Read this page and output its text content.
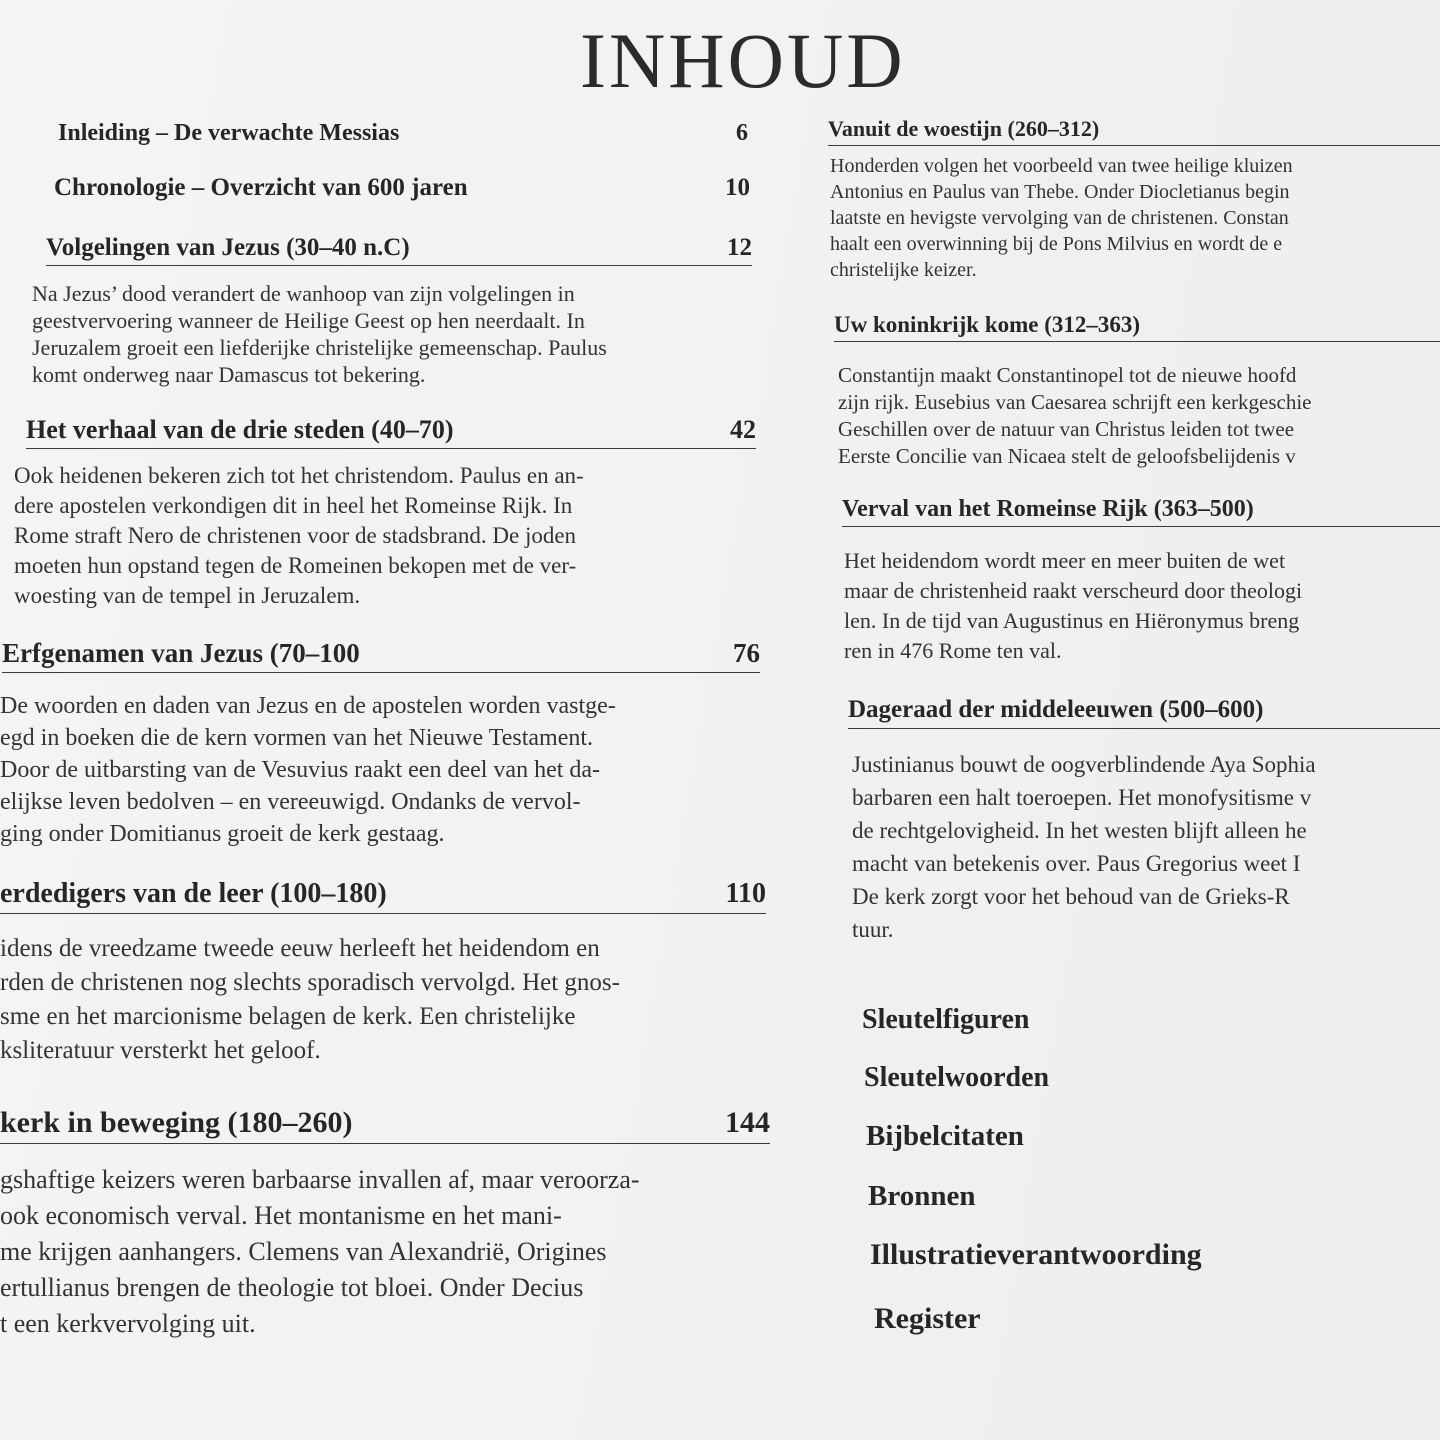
INHOUD
Inleiding – De verwachte Messias	6
Chronologie – Overzicht van 600 jaren	10
Volgelingen van Jezus (30–40 n.C)	12

Na Jezus’ dood verandert de wanhoop van zijn volgelingen in
geestvervoering wanneer de Heilige Geest op hen neerdaalt. In
Jeruzalem groeit een liefderijke christelijke gemeenschap. Paulus
komt onderweg naar Damascus tot bekering.

Het verhaal van de drie steden (40–70)	42

Ook heidenen bekeren zich tot het christendom. Paulus en an-
dere apostelen verkondigen dit in heel het Romeinse Rijk. In
Rome straft Nero de christenen voor de stadsbrand. De joden
moeten hun opstand tegen de Romeinen bekopen met de ver-
woesting van de tempel in Jeruzalem.

Erfgenamen van Jezus (70–100	76

De woorden en daden van Jezus en de apostelen worden vastge-
egd in boeken die de kern vormen van het Nieuwe Testament.
Door de uitbarsting van de Vesuvius raakt een deel van het da-
elijkse leven bedolven – en vereeuwigd. Ondanks de vervol-
ging onder Domitianus groeit de kerk gestaag.

erdedigers van de leer (100–180)	110

idens de vreedzame tweede eeuw herleeft het heidendom en
rden de christenen nog slechts sporadisch vervolgd. Het gnos-
sme en het marcionisme belagen de kerk. Een christelijke
ksliteratuur versterkt het geloof.

kerk in beweging (180–260)	144

gshaftige keizers weren barbaarse invallen af, maar veroorza-
ook economisch verval. Het montanisme en het mani-
me krijgen aanhangers. Clemens van Alexandrië, Origines
ertullianus brengen de theologie tot bloei. Onder Decius
t een kerkvervolging uit.

Vanuit de woestijn (260–312)

Honderden volgen het voorbeeld van twee heilige kluizen
Antonius en Paulus van Thebe. Onder Diocletianus begin
laatste en hevigste vervolging van de christenen. Constan
haalt een overwinning bij de Pons Milvius en wordt de e
christelijke keizer.

Uw koninkrijk kome (312–363)

Constantijn maakt Constantinopel tot de nieuwe hoofd
zijn rijk. Eusebius van Caesarea schrijft een kerkgeschie
Geschillen over de natuur van Christus leiden tot twee
Eerste Concilie van Nicaea stelt de geloofsbelijdenis v

Verval van het Romeinse Rijk (363–500)

Het heidendom wordt meer en meer buiten de wet
maar de christenheid raakt verscheurd door theologi
len. In de tijd van Augustinus en Hiëronymus breng
ren in 476 Rome ten val.

Dageraad der middeleeuwen (500–600)

Justinianus bouwt de oogverblindende Aya Sophia
barbaren een halt toeroepen. Het monofysitisme v
de rechtgelovigheid. In het westen blijft alleen he
macht van betekenis over. Paus Gregorius weet I
De kerk zorgt voor het behoud van de Grieks-R
tuur.

Sleutelfiguren

Sleutelwoorden

Bijbelcitaten

Bronnen

Illustratieverantwoording

Register
